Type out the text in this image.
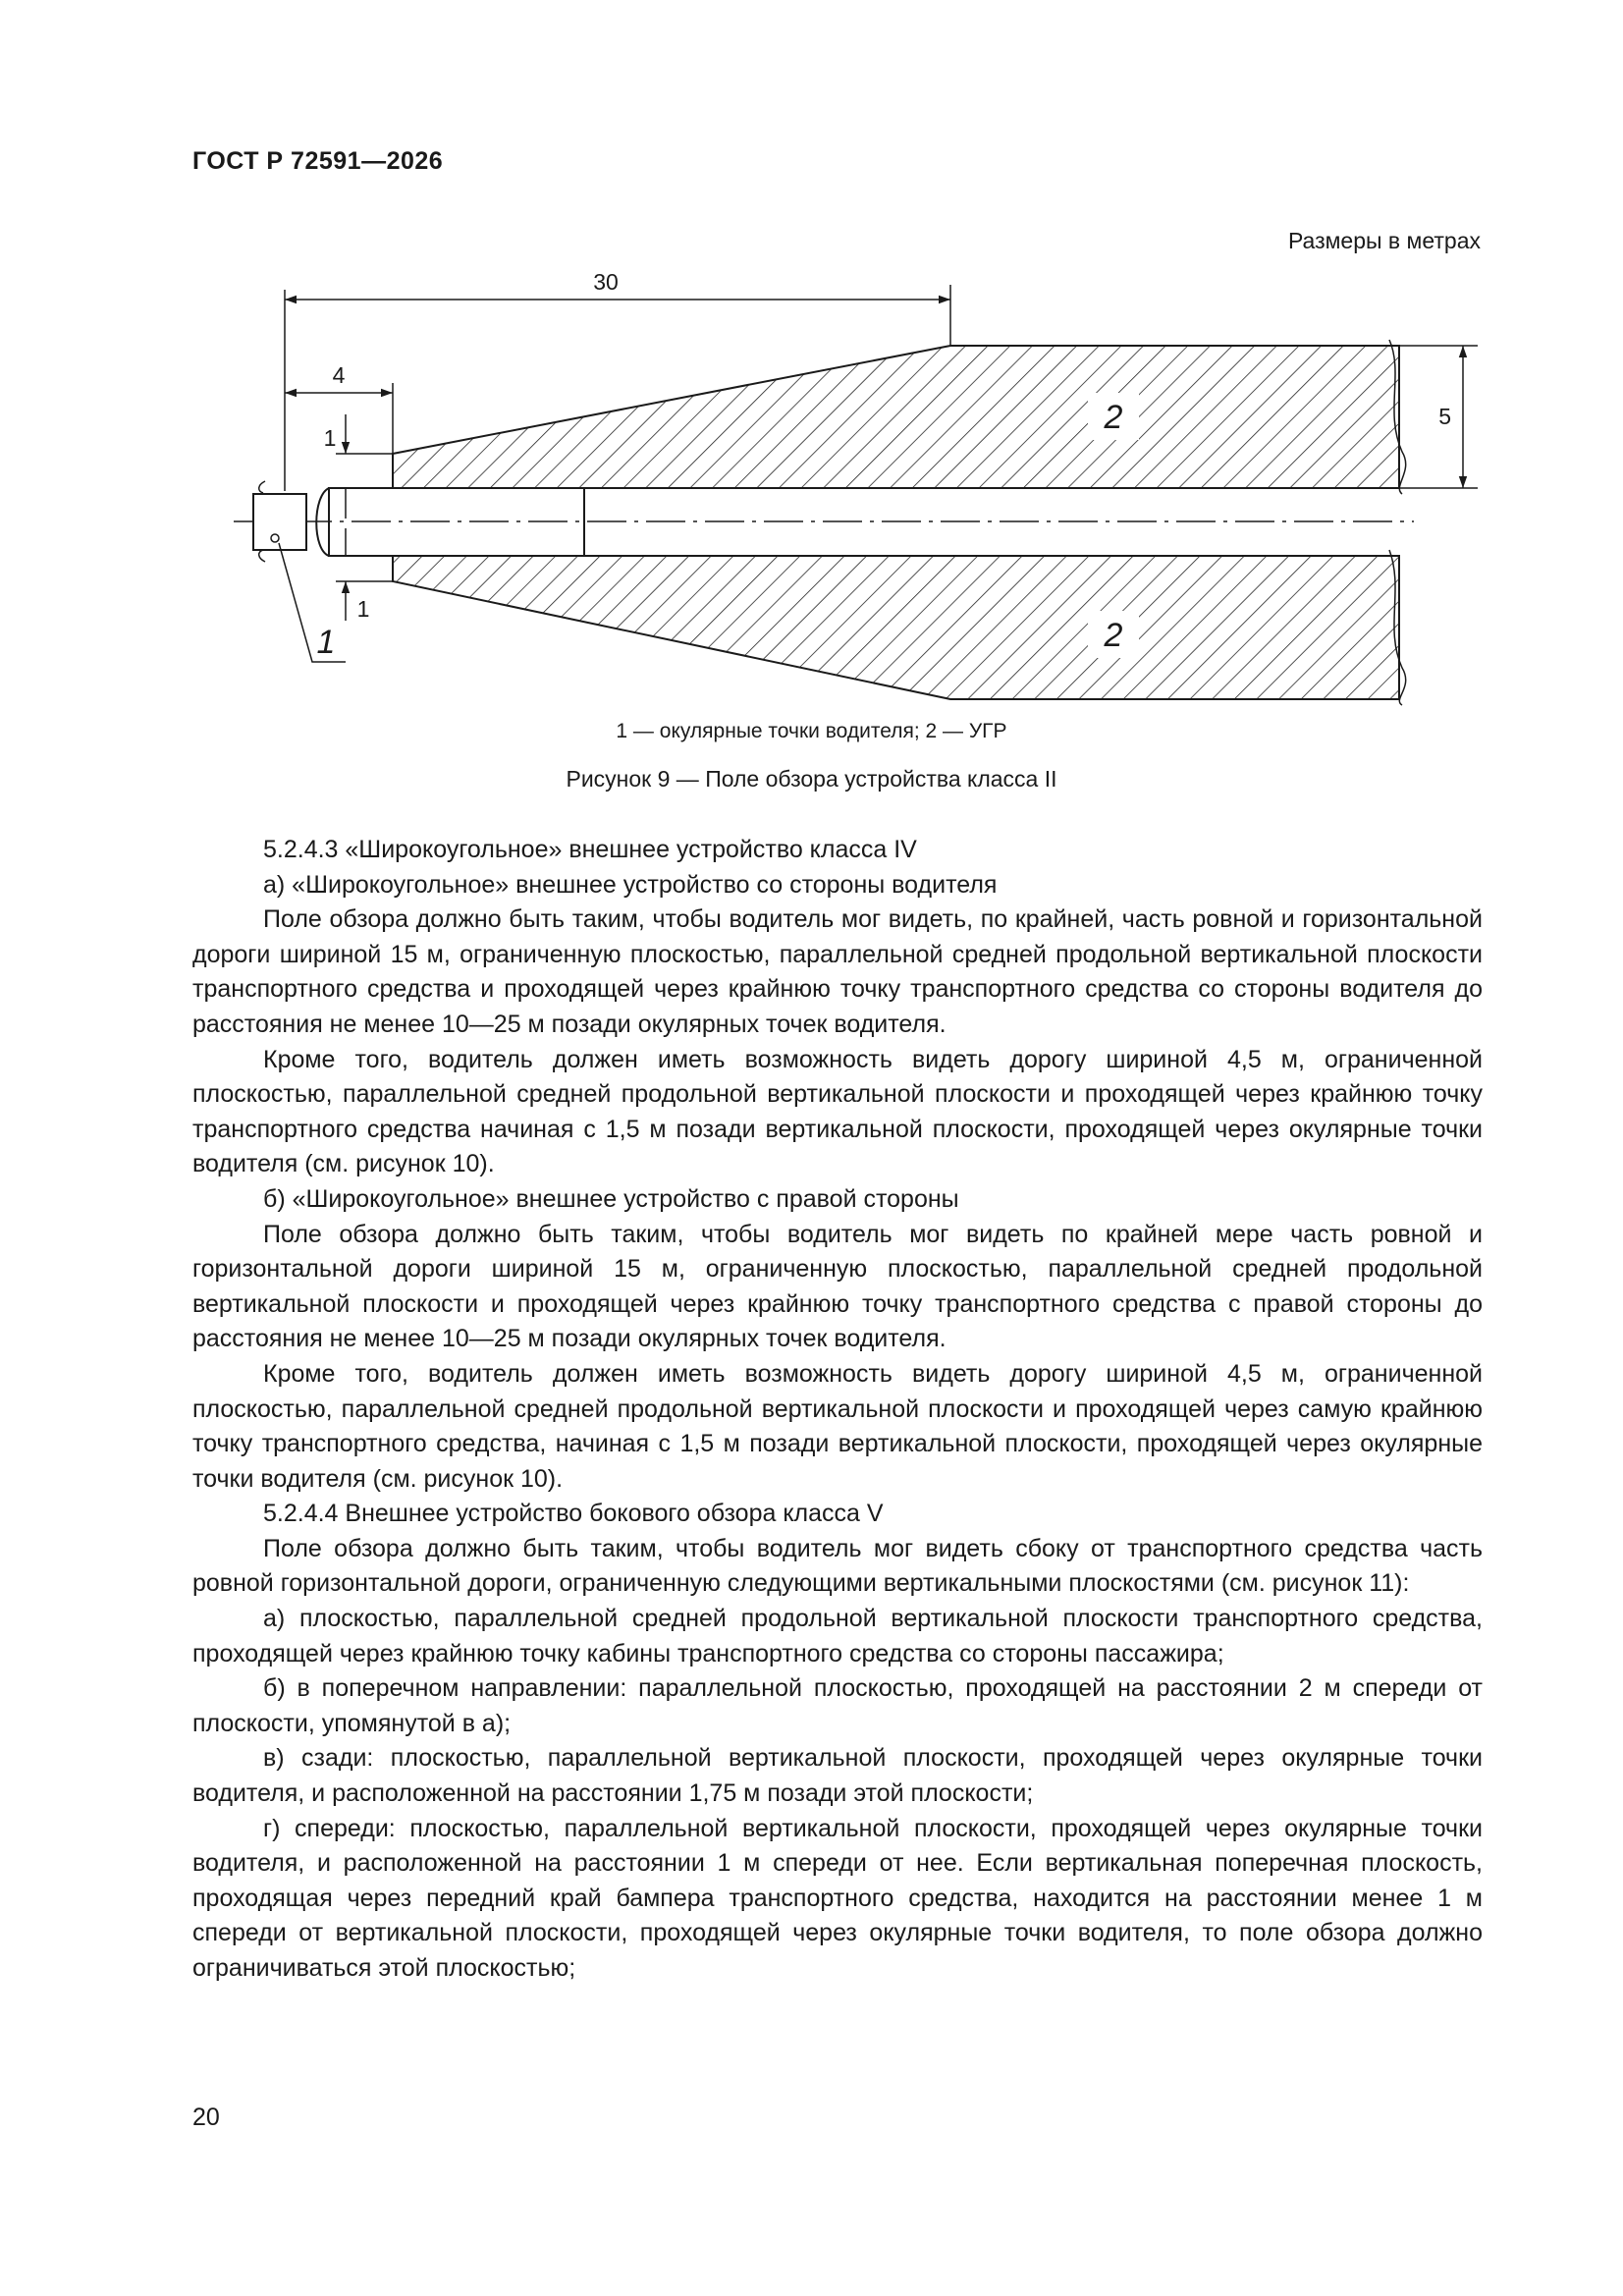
ГОСТ Р 72591—2026
Размеры в метрах
30
4
1
1
5
2
2
1
1 — окулярные точки водителя; 2 — УГР
Рисунок 9 — Поле обзора устройства класса II

5.2.4.3 «Широкоугольное» внешнее устройство класса IV

а) «Широкоугольное» внешнее устройство со стороны водителя

Поле обзора должно быть таким, чтобы водитель мог видеть, по крайней, часть ровной и горизонтальной дороги шириной 15 м, ограниченную плоскостью, параллельной средней продольной вертикальной плоскости транспортного средства и проходящей через крайнюю точку транспортного средства со стороны водителя до расстояния не менее 10—25 м позади окулярных точек водителя.

Кроме того, водитель должен иметь возможность видеть дорогу шириной 4,5 м, ограниченной плоскостью, параллельной средней продольной вертикальной плоскости и проходящей через крайнюю точку транспортного средства начиная с 1,5 м позади вертикальной плоскости, проходящей через окулярные точки водителя (см. рисунок 10).

б) «Широкоугольное» внешнее устройство с правой стороны

Поле обзора должно быть таким, чтобы водитель мог видеть по крайней мере часть ровной и горизонтальной дороги шириной 15 м, ограниченную плоскостью, параллельной средней продольной вертикальной плоскости и проходящей через крайнюю точку транспортного средства с правой стороны до расстояния не менее 10—25 м позади окулярных точек водителя.

Кроме того, водитель должен иметь возможность видеть дорогу шириной 4,5 м, ограниченной плоскостью, параллельной средней продольной вертикальной плоскости и проходящей через самую крайнюю точку транспортного средства, начиная с 1,5 м позади вертикальной плоскости, проходящей через окулярные точки водителя (см. рисунок 10).

5.2.4.4 Внешнее устройство бокового обзора класса V

Поле обзора должно быть таким, чтобы водитель мог видеть сбоку от транспортного средства часть ровной горизонтальной дороги, ограниченную следующими вертикальными плоскостями (см. рисунок 11):

а) плоскостью, параллельной средней продольной вертикальной плоскости транспортного средства, проходящей через крайнюю точку кабины транспортного средства со стороны пассажира;

б) в поперечном направлении: параллельной плоскостью, проходящей на расстоянии 2 м спереди от плоскости, упомянутой в а);

в) сзади: плоскостью, параллельной вертикальной плоскости, проходящей через окулярные точки водителя, и расположенной на расстоянии 1,75 м позади этой плоскости;

г) спереди: плоскостью, параллельной вертикальной плоскости, проходящей через окулярные точки водителя, и расположенной на расстоянии 1 м спереди от нее. Если вертикальная поперечная плоскость, проходящая через передний край бампера транспортного средства, находится на расстоянии менее 1 м спереди от вертикальной плоскости, проходящей через окулярные точки водителя, то поле обзора должно ограничиваться этой плоскостью;

20
